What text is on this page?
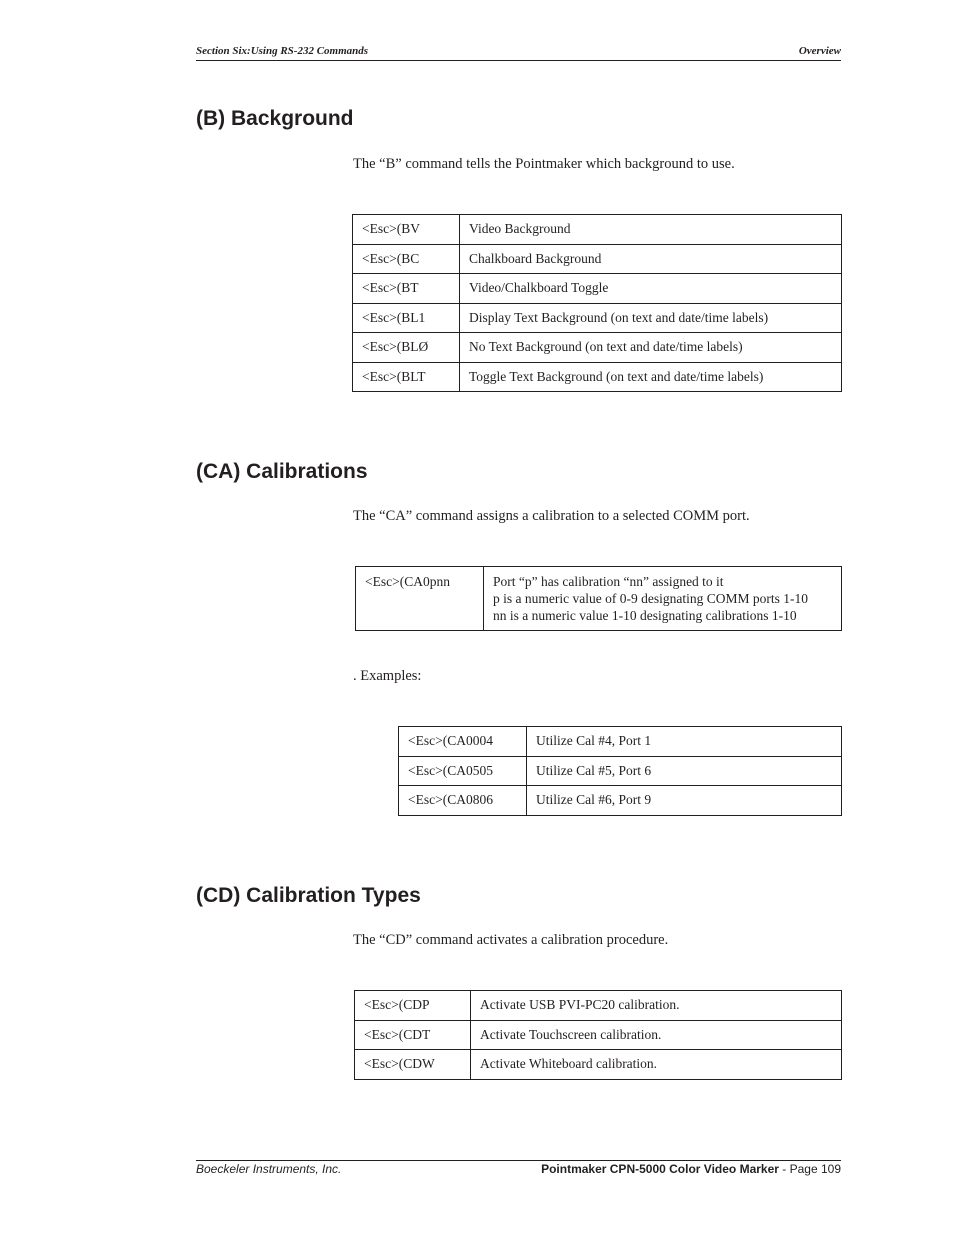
Section Six:Using RS-232 Commands	Overview
(B) Background
The “B” command tells the Pointmaker which background to use.
<Esc>(BV	Video Background
<Esc>(BC	Chalkboard Background
<Esc>(BT	Video/Chalkboard Toggle
<Esc>(BL1	Display Text Background (on text and date/time labels)
<Esc>(BLØ	No Text Background (on text and date/time labels)
<Esc>(BLT	Toggle Text Background (on text and date/time labels)
(CA) Calibrations
The “CA” command assigns a calibration to a selected COMM port.
<Esc>(CA0pnn	Port “p” has calibration “nn” assigned to it
p is a numeric value of 0-9 designating COMM ports 1-10
nn is a numeric value 1-10 designating calibrations 1-10
. Examples:
<Esc>(CA0004	Utilize Cal #4, Port 1
<Esc>(CA0505	Utilize Cal #5, Port 6
<Esc>(CA0806	Utilize Cal #6, Port 9
(CD) Calibration Types
The “CD” command activates a calibration procedure.
<Esc>(CDP	Activate USB PVI-PC20 calibration.
<Esc>(CDT	Activate Touchscreen calibration.
<Esc>(CDW	Activate Whiteboard calibration.
Boeckeler Instruments, Inc.	Pointmaker CPN-5000 Color Video Marker - Page 109
